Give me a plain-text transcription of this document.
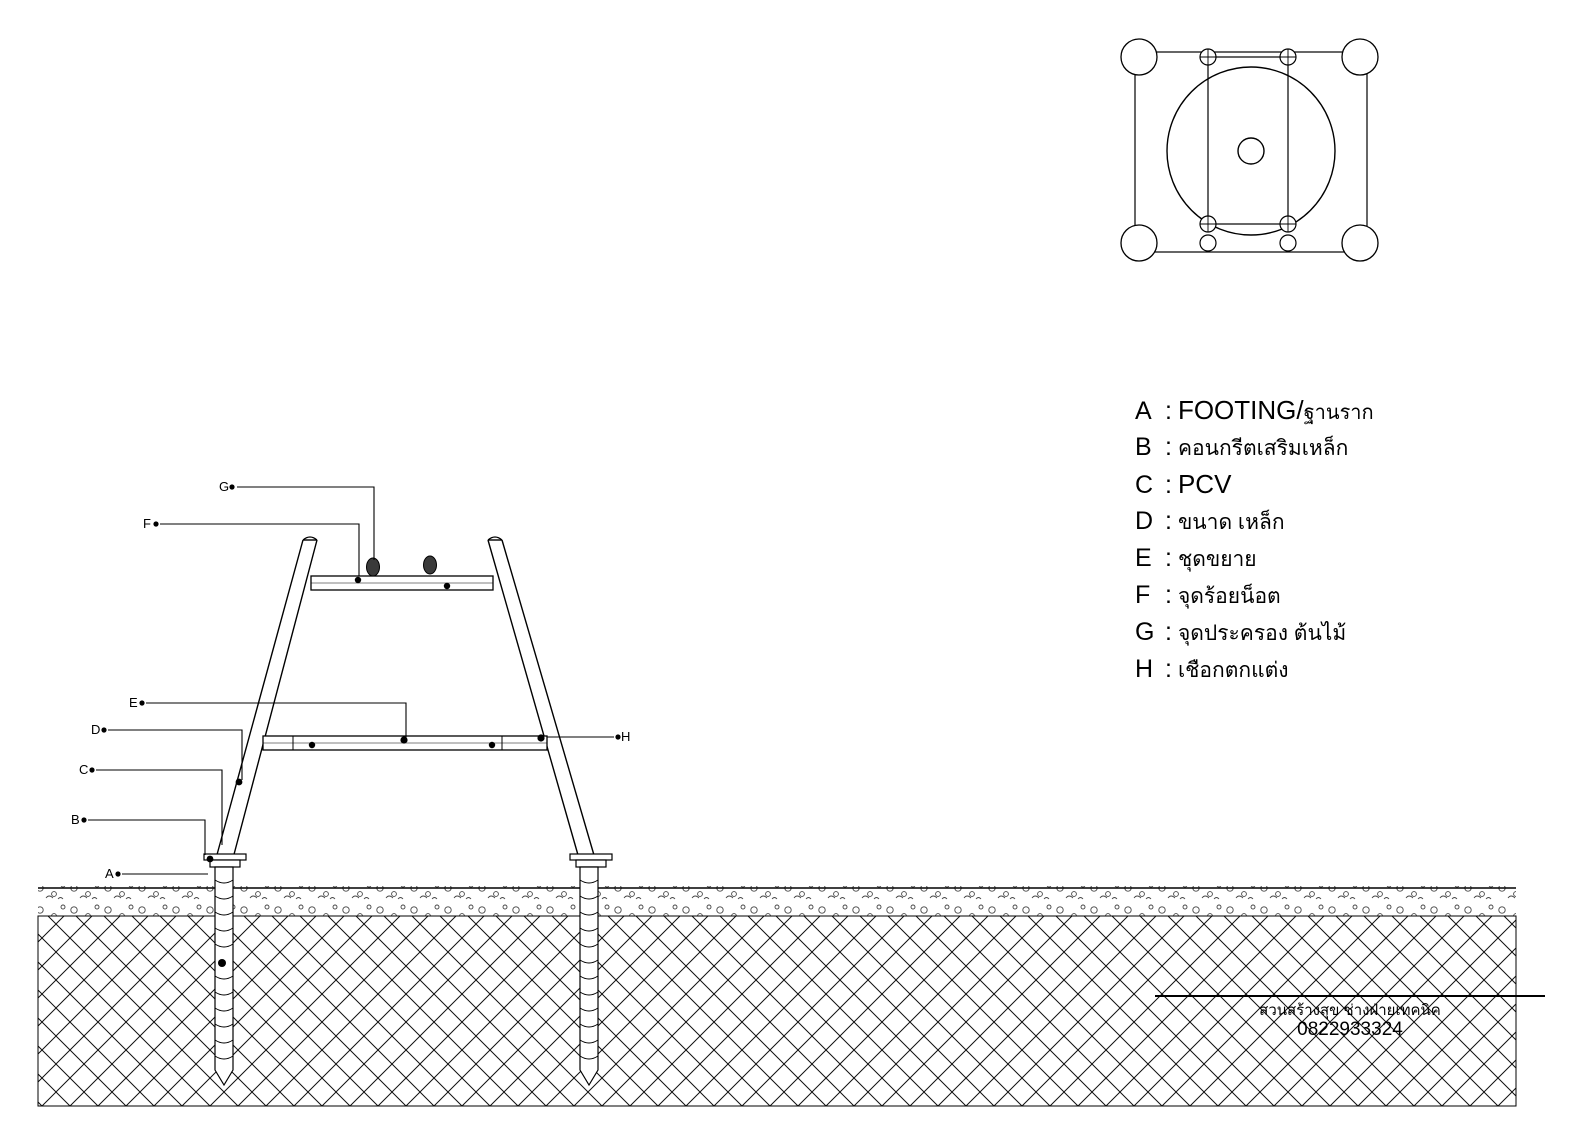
G
F
E
D
C
B
A
H
A : FOOTING/ ฐานราก
B : คอนกรีตเสริมเหล็ก
C : PCV
D : ขนาด เหล็ก
E : ชุดขยาย
F : จุดร้อยน็อต
G : จุดประครอง ต้นไม้
H : เชือกตกแต่ง
สวนสร้างสุข ช่างฝ่ายเทคนิค
0822933324
